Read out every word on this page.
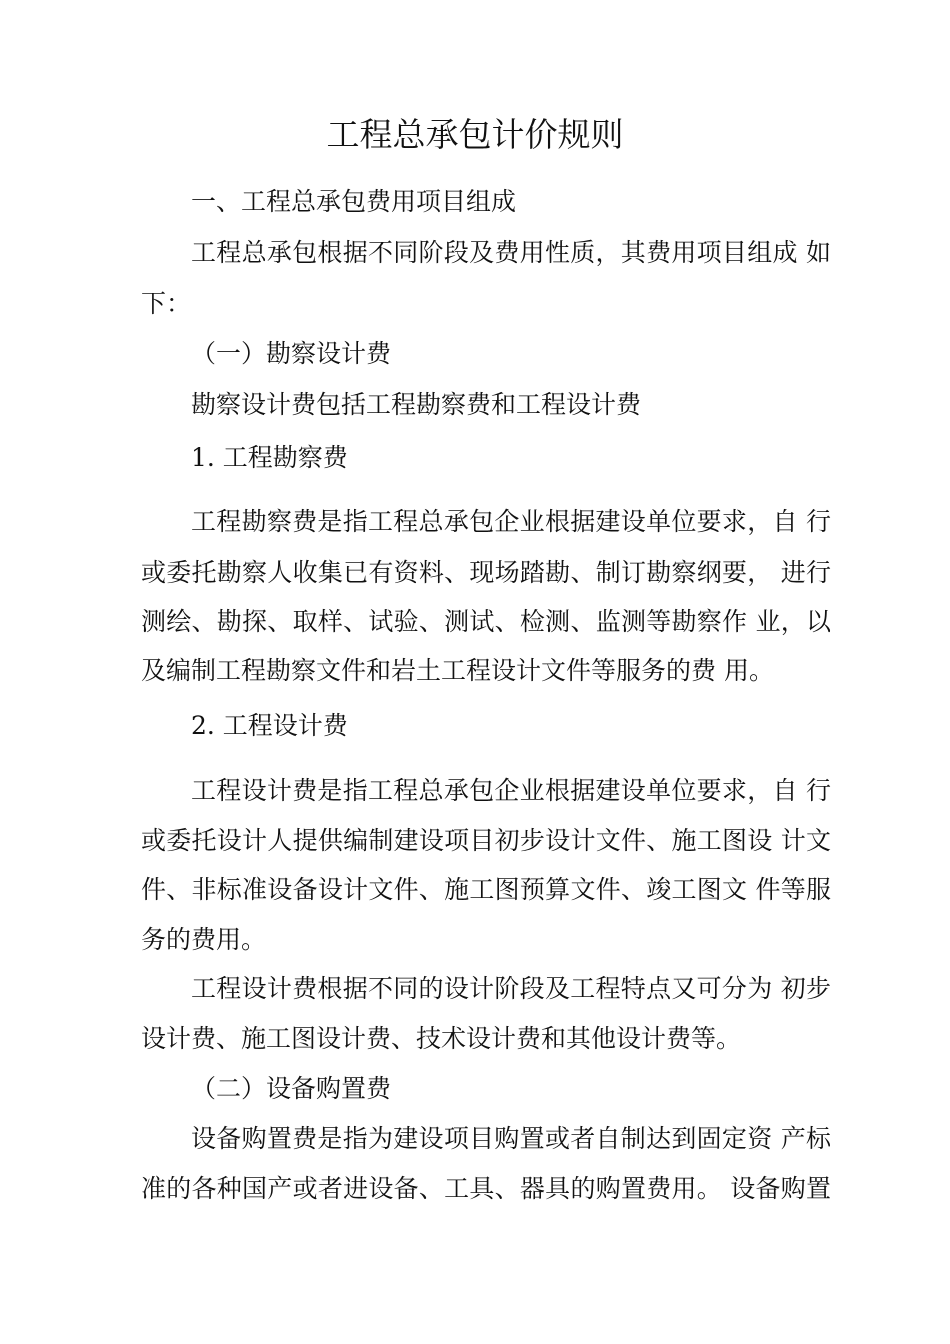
工程总承包计价规则

一、工程总承包费用项目组成

工程总承包根据不同阶段及费用性质，其费用项目组成 如

下：

（一）勘察设计费

勘察设计费包括工程勘察费和工程设计费

1. 工程勘察费

工程勘察费是指工程总承包企业根据建设单位要求，自 行

或委托勘察人收集已有资料、现场踏勘、制订勘察纲要， 进行

测绘、勘探、取样、试验、测试、检测、监测等勘察作 业，以

及编制工程勘察文件和岩土工程设计文件等服务的费 用。

2. 工程设计费

工程设计费是指工程总承包企业根据建设单位要求，自 行

或委托设计人提供编制建设项目初步设计文件、施工图设 计文

件、非标准设备设计文件、施工图预算文件、竣工图文 件等服

务的费用。

工程设计费根据不同的设计阶段及工程特点又可分为 初步

设计费、施工图设计费、技术设计费和其他设计费等。

（二）设备购置费

设备购置费是指为建设项目购置或者自制达到固定资 产标

准的各种国产或者进设备、工具、器具的购置费用。 设备购置
